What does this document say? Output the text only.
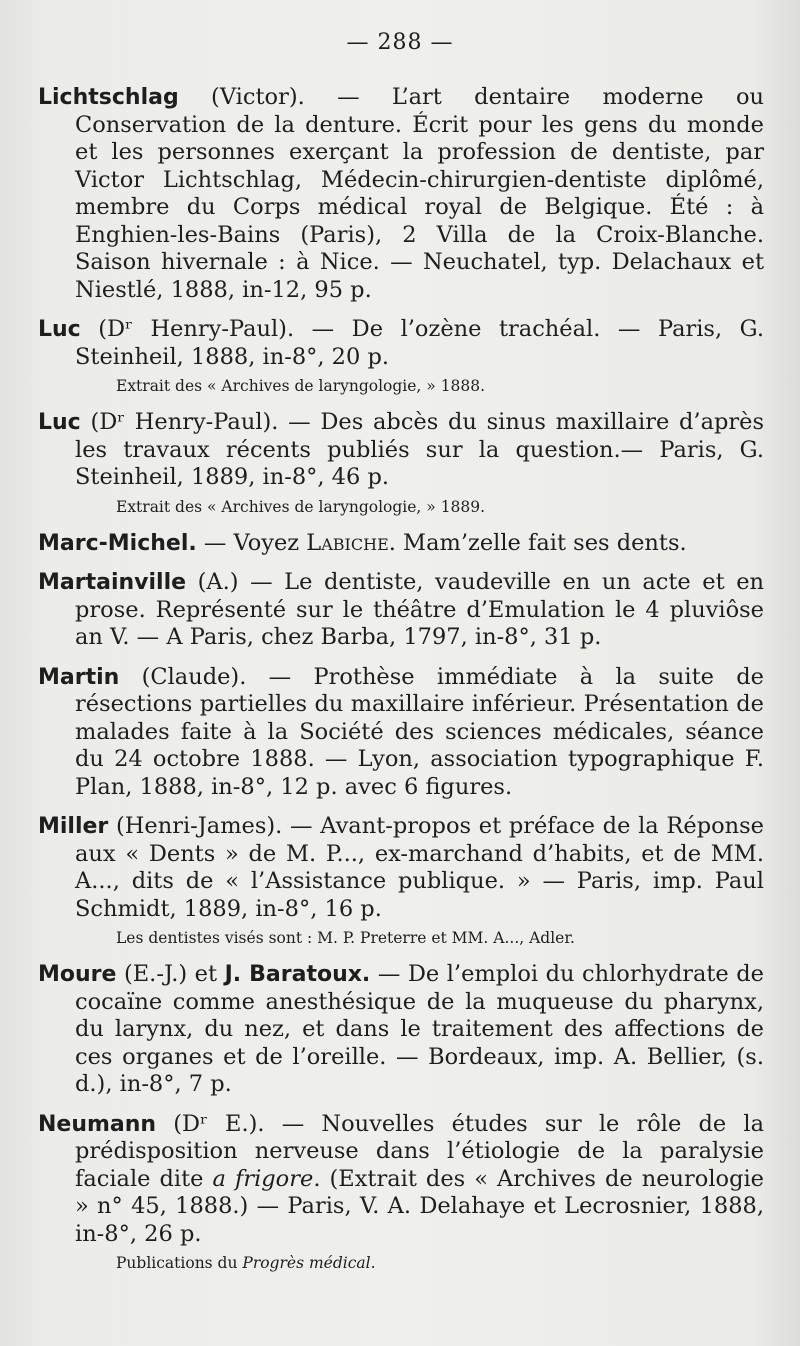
— 288 —
Lichtschlag (Victor). — L’art dentaire moderne ou Conservation de la denture. Écrit pour les gens du monde et les personnes exerçant la profession de dentiste, par Victor Lichtschlag, Médecin-chirurgien-dentiste diplômé, membre du Corps médical royal de Belgique. Été : à Enghien-les-Bains (Paris), 2 Villa de la Croix-Blanche. Saison hivernale : à Nice. — Neuchatel, typ. Delachaux et Niestlé, 1888, in-12, 95 p.
Luc (Dʳ Henry-Paul). — De l’ozène trachéal. — Paris, G. Steinheil, 1888, in-8°, 20 p.
Extrait des « Archives de laryngologie, » 1888.
Luc (Dʳ Henry-Paul). — Des abcès du sinus maxillaire d’après les travaux récents publiés sur la question.— Paris, G. Steinheil, 1889, in-8°, 46 p.
Extrait des « Archives de laryngologie, » 1889.
Marc-Michel. — Voyez Labiche. Mam’zelle fait ses dents.
Martainville (A.) — Le dentiste, vaudeville en un acte et en prose. Représenté sur le théâtre d’Emulation le 4 pluviôse an V. — A Paris, chez Barba, 1797, in-8°, 31 p.
Martin (Claude). — Prothèse immédiate à la suite de résections partielles du maxillaire inférieur. Présentation de malades faite à la Société des sciences médicales, séance du 24 octobre 1888. — Lyon, association typographique F. Plan, 1888, in-8°, 12 p. avec 6 figures.
Miller (Henri-James). — Avant-propos et préface de la Réponse aux « Dents » de M. P..., ex-marchand d’habits, et de MM. A..., dits de « l’Assistance publique. » — Paris, imp. Paul Schmidt, 1889, in-8°, 16 p.
Les dentistes visés sont : M. P. Preterre et MM. A..., Adler.
Moure (E.-J.) et J. Baratoux. — De l’emploi du chlorhydrate de cocaïne comme anesthésique de la muqueuse du pharynx, du larynx, du nez, et dans le traitement des affections de ces organes et de l’oreille. — Bordeaux, imp. A. Bellier, (s. d.), in-8°, 7 p.
Neumann (Dʳ E.). — Nouvelles études sur le rôle de la prédisposition nerveuse dans l’étiologie de la paralysie faciale dite a frigore. (Extrait des « Archives de neurologie » n° 45, 1888.) — Paris, V. A. Delahaye et Lecrosnier, 1888, in-8°, 26 p.
Publications du Progrès médical.
